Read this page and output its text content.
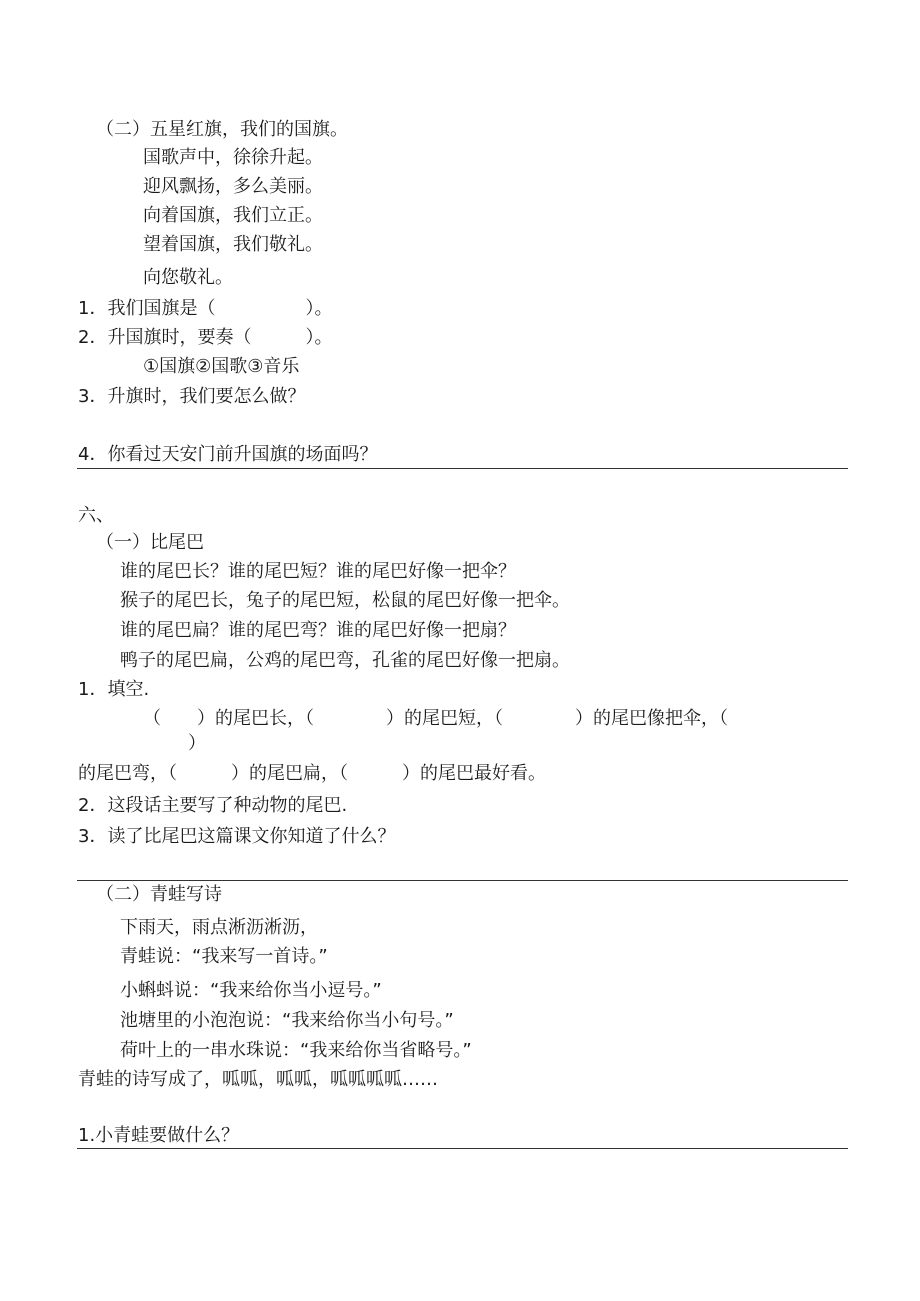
（二）五星红旗，我们的国旗。
国歌声中，徐徐升起。
迎风飘扬，多么美丽。
向着国旗，我们立正。
望着国旗，我们敬礼。
向您敬礼。
1．我们国旗是（　　　　　）。
2．升国旗时，要奏（　　　）。
①国旗②国歌③音乐
3．升旗时，我们要怎么做？
4．你看过天安门前升国旗的场面吗？
六、
（一）比尾巴
谁的尾巴长？谁的尾巴短？谁的尾巴好像一把伞？
猴子的尾巴长，兔子的尾巴短，松鼠的尾巴好像一把伞。
谁的尾巴扁？谁的尾巴弯？谁的尾巴好像一把扇？
鸭子的尾巴扁，公鸡的尾巴弯，孔雀的尾巴好像一把扇。
1．填空.
（　　）的尾巴长，（　　　　）的尾巴短，（　　　　）的尾巴像把伞，（
）
的尾巴弯，（　　　）的尾巴扁，（　　　）的尾巴最好看。
2．这段话主要写了种动物的尾巴.
3．读了比尾巴这篇课文你知道了什么？
（二）青蛙写诗
下雨天，雨点淅沥淅沥，
青蛙说：“我来写一首诗。”
小蝌蚪说：“我来给你当小逗号。”
池塘里的小泡泡说：“我来给你当小句号。”
荷叶上的一串水珠说：“我来给你当省略号。”
青蛙的诗写成了，呱呱，呱呱，呱呱呱呱……
1.小青蛙要做什么？
